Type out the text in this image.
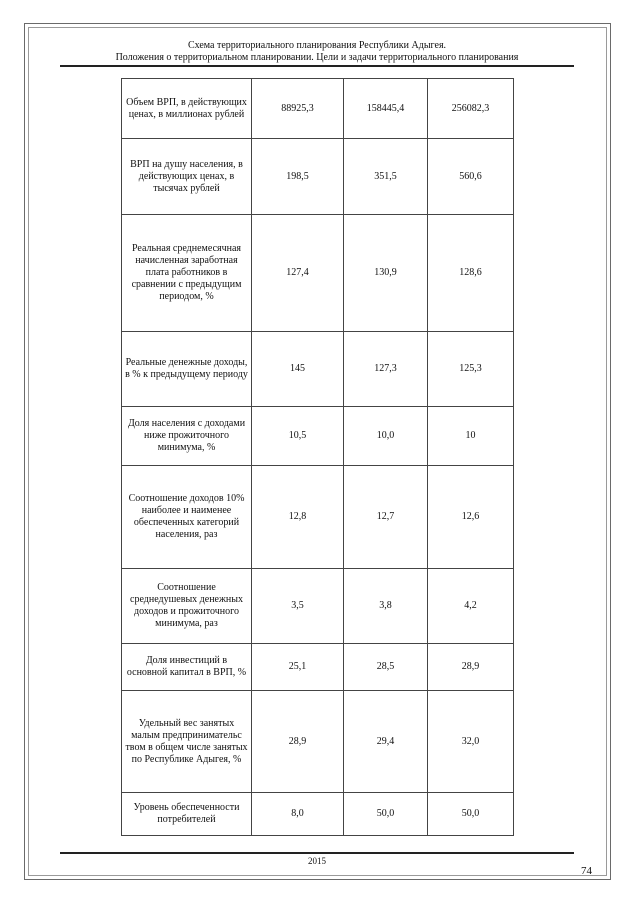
Схема территориального планирования Республики Адыгея.
Положения о территориальном планировании. Цели и задачи территориального планирования
Объем ВРП, в действующих ценах, в миллионах рублей	88925,3	158445,4	256082,3
ВРП на душу населения, в действующих ценах, в тысячах рублей	198,5	351,5	560,6
Реальная среднемесячная начисленная заработная плата работников в сравнении с предыдущим периодом, %	127,4	130,9	128,6
Реальные денежные доходы, в % к предыдущему периоду	145	127,3	125,3
Доля населения с доходами ниже прожиточного минимума, %	10,5	10,0	10
Соотношение доходов 10% наиболее и наименее обеспеченных категорий населения, раз	12,8	12,7	12,6
Соотношение среднедушевых денежных доходов и прожиточного минимума, раз	3,5	3,8	4,2
Доля инвестиций в основной капитал в ВРП, %	25,1	28,5	28,9
Удельный вес занятых малым предпринимательс твом в общем числе занятых по Республике Адыгея, %	28,9	29,4	32,0
Уровень обеспеченности потребителей	8,0	50,0	50,0
2015
74
